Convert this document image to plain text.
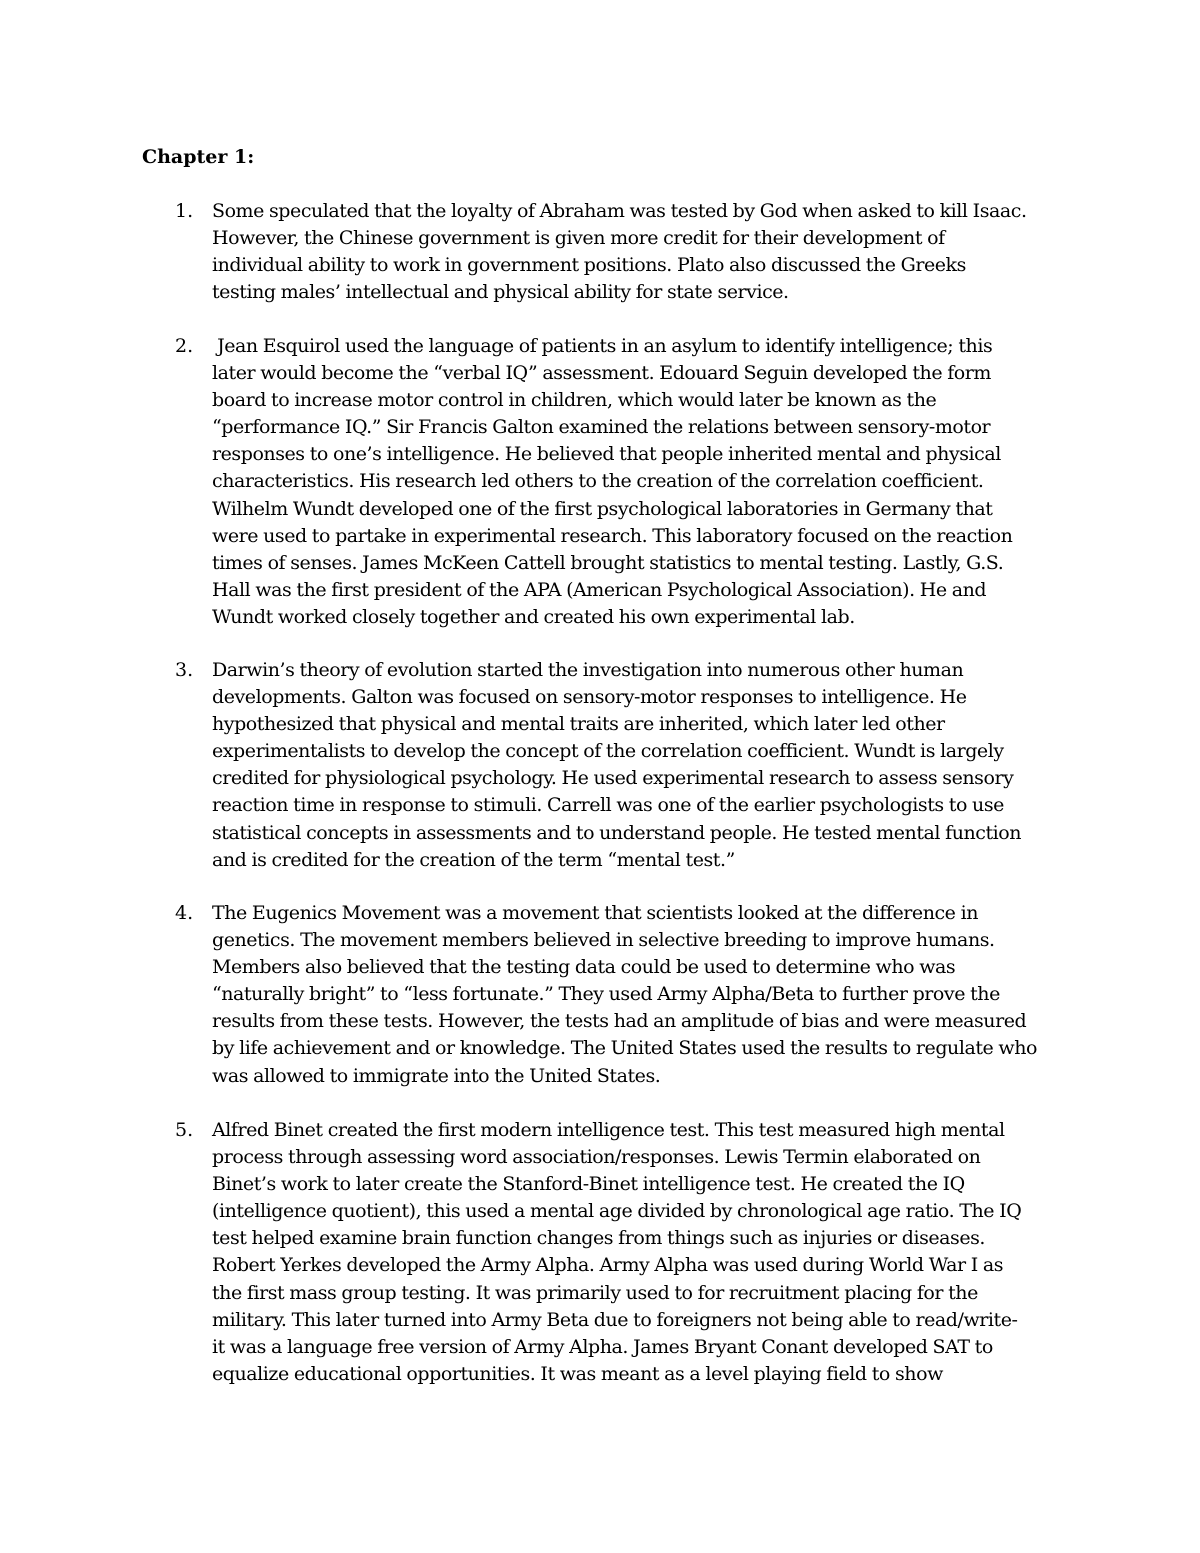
Chapter 1:
1. Some speculated that the loyalty of Abraham was tested by God when asked to kill Isaac.
However, the Chinese government is given more credit for their development of
individual ability to work in government positions. Plato also discussed the Greeks
testing males’ intellectual and physical ability for state service.
2. Jean Esquirol used the language of patients in an asylum to identify intelligence; this
later would become the “verbal IQ” assessment. Edouard Seguin developed the form
board to increase motor control in children, which would later be known as the
“performance IQ.” Sir Francis Galton examined the relations between sensory-motor
responses to one’s intelligence. He believed that people inherited mental and physical
characteristics. His research led others to the creation of the correlation coefficient.
Wilhelm Wundt developed one of the first psychological laboratories in Germany that
were used to partake in experimental research. This laboratory focused on the reaction
times of senses. James McKeen Cattell brought statistics to mental testing. Lastly, G.S.
Hall was the first president of the APA (American Psychological Association). He and
Wundt worked closely together and created his own experimental lab.
3. Darwin’s theory of evolution started the investigation into numerous other human
developments. Galton was focused on sensory-motor responses to intelligence. He
hypothesized that physical and mental traits are inherited, which later led other
experimentalists to develop the concept of the correlation coefficient. Wundt is largely
credited for physiological psychology. He used experimental research to assess sensory
reaction time in response to stimuli. Carrell was one of the earlier psychologists to use
statistical concepts in assessments and to understand people. He tested mental function
and is credited for the creation of the term “mental test.”
4. The Eugenics Movement was a movement that scientists looked at the difference in
genetics. The movement members believed in selective breeding to improve humans.
Members also believed that the testing data could be used to determine who was
“naturally bright” to “less fortunate.” They used Army Alpha/Beta to further prove the
results from these tests. However, the tests had an amplitude of bias and were measured
by life achievement and or knowledge. The United States used the results to regulate who
was allowed to immigrate into the United States.
5. Alfred Binet created the first modern intelligence test. This test measured high mental
process through assessing word association/responses. Lewis Termin elaborated on
Binet’s work to later create the Stanford-Binet intelligence test. He created the IQ
(intelligence quotient), this used a mental age divided by chronological age ratio. The IQ
test helped examine brain function changes from things such as injuries or diseases.
Robert Yerkes developed the Army Alpha. Army Alpha was used during World War I as
the first mass group testing. It was primarily used to for recruitment placing for the
military. This later turned into Army Beta due to foreigners not being able to read/write-
it was a language free version of Army Alpha. James Bryant Conant developed SAT to
equalize educational opportunities. It was meant as a level playing field to show
